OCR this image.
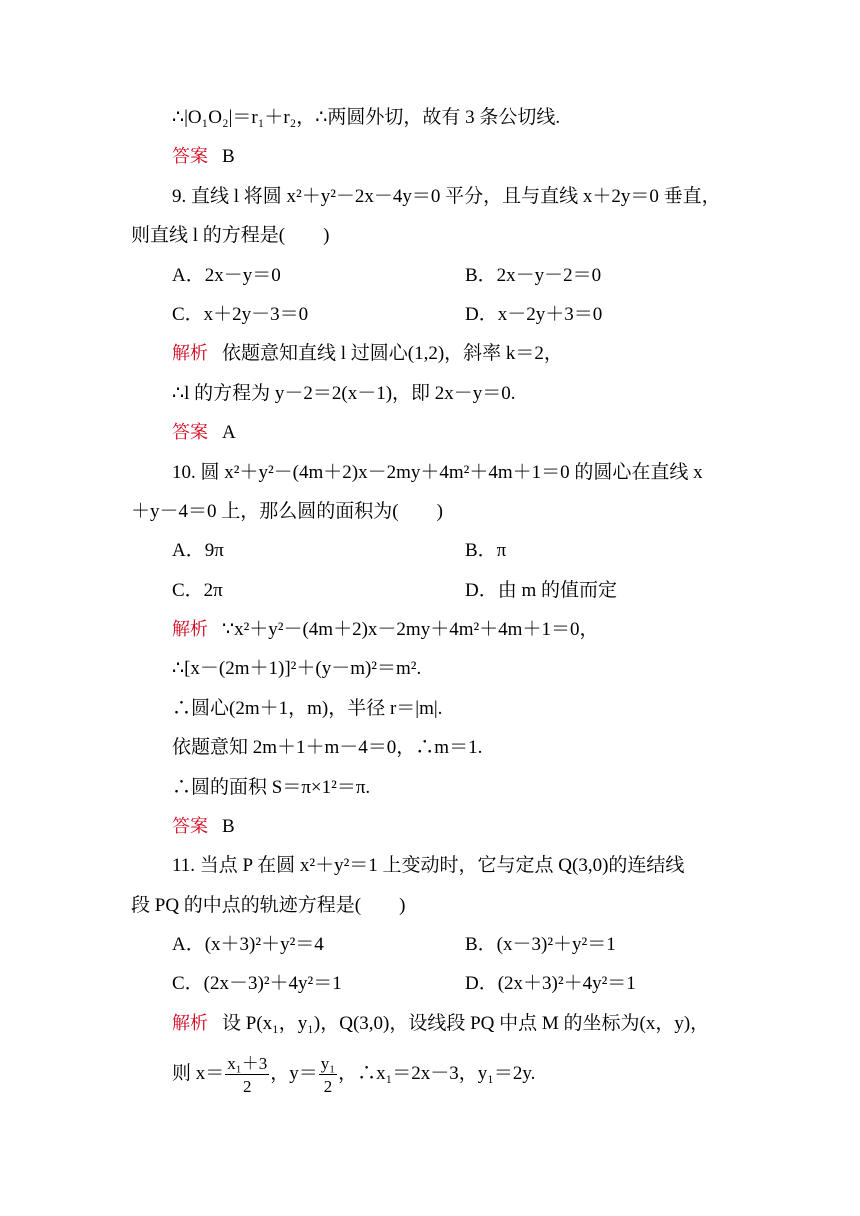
∴|O₁O₂|＝r₁＋r₂，∴两圆外切，故有 3 条公切线.
答案 B
9. 直线 l 将圆 x²＋y²－2x－4y＝0 平分，且与直线 x＋2y＝0 垂直，
则直线 l 的方程是(　　)
A．2x－y＝0	B．2x－y－2＝0
C．x＋2y－3＝0	D．x－2y＋3＝0
解析 依题意知直线 l 过圆心(1,2)，斜率 k＝2，
∴l 的方程为 y－2＝2(x－1)，即 2x－y＝0.
答案 A
10. 圆 x²＋y²－(4m＋2)x－2my＋4m²＋4m＋1＝0 的圆心在直线 x
＋y－4＝0 上，那么圆的面积为(　　)
A．9π	B．π
C．2π	D．由 m 的值而定
解析 ∵x²＋y²－(4m＋2)x－2my＋4m²＋4m＋1＝0，
∴[x－(2m＋1)]²＋(y－m)²＝m².
∴圆心(2m＋1，m)，半径 r＝|m|.
依题意知 2m＋1＋m－4＝0，∴m＝1.
∴圆的面积 S＝π×1²＝π.
答案 B
11. 当点 P 在圆 x²＋y²＝1 上变动时，它与定点 Q(3,0)的连结线
段 PQ 的中点的轨迹方程是(　　)
A．(x＋3)²＋y²＝4	B．(x－3)²＋y²＝1
C．(2x－3)²＋4y²＝1	D．(2x＋3)²＋4y²＝1
解析 设 P(x₁，y₁)，Q(3,0)，设线段 PQ 中点 M 的坐标为(x，y)，
则 $x= \frac{\text{x₁＋3}}{2}$ ，$y= \frac{\text{y₁}}{2}$ ，∴x₁＝2x－3，y₁＝2y.
